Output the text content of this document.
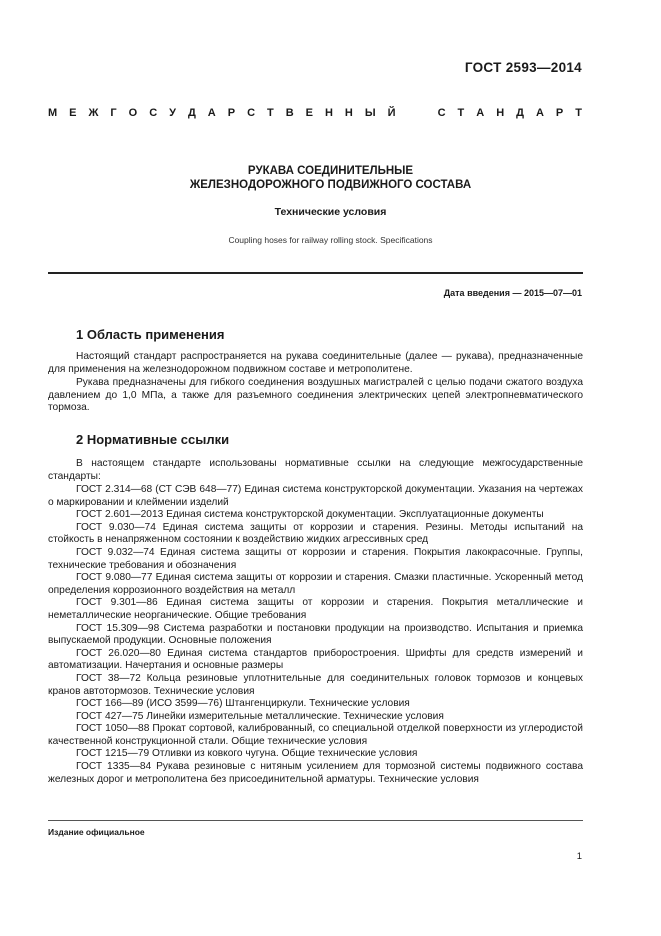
ГОСТ 2593—2014
М Е Ж Г О С У Д А Р С Т В Е Н Н Ы Й

	С Т А Н Д А Р Т
РУКАВА СОЕДИНИТЕЛЬНЫЕ
ЖЕЛЕЗНОДОРОЖНОГО ПОДВИЖНОГО СОСТАВА
Технические условия
Coupling hoses for railway rolling stock. Specifications
Дата введения — 2015—07—01
1 Область применения

Настоящий стандарт распространяется на рукава соединительные (далее — рукава), предназначенные для применения на железнодорожном подвижном составе и метрополитене.

Рукава предназначены для гибкого соединения воздушных магистралей с целью подачи сжатого воздуха давлением до 1,0 МПа, а также для разъемного соединения электрических цепей электропневматического тормоза.

2 Нормативные ссылки

В настоящем стандарте использованы нормативные ссылки на следующие межгосударственные стандарты:

ГОСТ 2.314—68 (СТ СЭВ 648—77) Единая система конструкторской документации. Указания на чертежах о маркировании и клеймении изделий

ГОСТ 2.601—2013 Единая система конструкторской документации. Эксплуатационные документы

ГОСТ 9.030—74 Единая система защиты от коррозии и старения. Резины. Методы испытаний на стойкость в ненапряженном состоянии к воздействию жидких агрессивных сред

ГОСТ 9.032—74 Единая система защиты от коррозии и старения. Покрытия лакокрасочные. Группы, технические требования и обозначения

ГОСТ 9.080—77 Единая система защиты от коррозии и старения. Смазки пластичные. Ускоренный метод определения коррозионного воздействия на металл

ГОСТ 9.301—86 Единая система защиты от коррозии и старения. Покрытия металлические и неметаллические неорганические. Общие требования

ГОСТ 15.309—98 Система разработки и постановки продукции на производство. Испытания и приемка выпускаемой продукции. Основные положения

ГОСТ 26.020—80 Единая система стандартов приборостроения. Шрифты для средств измерений и автоматизации. Начертания и основные размеры

ГОСТ 38—72 Кольца резиновые уплотнительные для соединительных головок тормозов и концевых кранов автотормозов. Технические условия

ГОСТ 166—89 (ИСО 3599—76) Штангенциркули. Технические условия

ГОСТ 427—75 Линейки измерительные металлические. Технические условия

ГОСТ 1050—88 Прокат сортовой, калиброванный, со специальной отделкой поверхности из углеродистой качественной конструкционной стали. Общие технические условия

ГОСТ 1215—79 Отливки из ковкого чугуна. Общие технические условия

ГОСТ 1335—84 Рукава резиновые с нитяным усилением для тормозной системы подвижного состава железных дорог и метрополитена без присоединительной арматуры. Технические условия

Издание официальное
1
